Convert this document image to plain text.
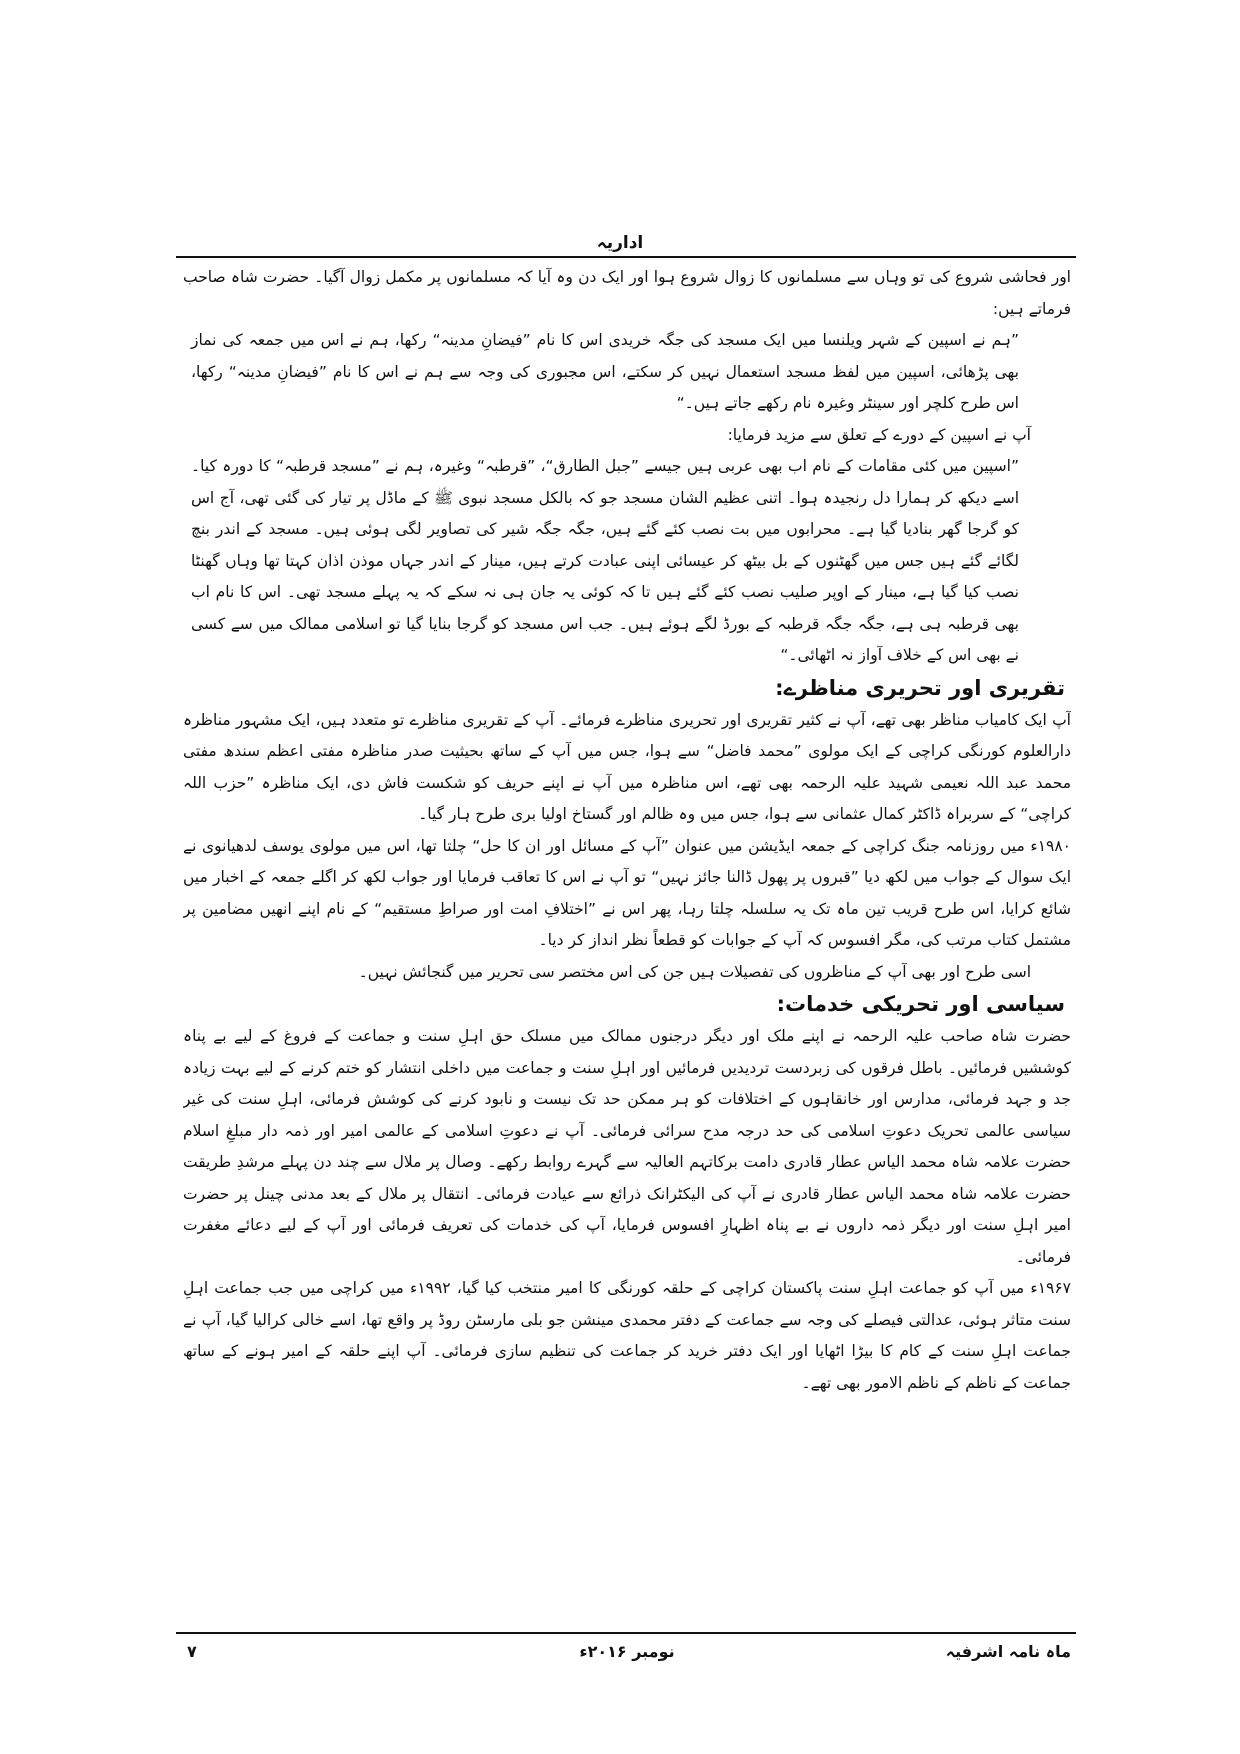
اداریہ

اور فحاشی شروع کی تو وہاں سے مسلمانوں کا زوال شروع ہوا اور ایک دن وہ آیا کہ مسلمانوں پر مکمل زوال آگیا۔ حضرت شاہ صاحب فرماتے ہیں:

”ہم نے اسپین کے شہر ویلنسا میں ایک مسجد کی جگہ خریدی اس کا نام ”فیضانِ مدینہ“ رکھا، ہم نے اس میں جمعہ کی نماز بھی پڑھائی، اسپین میں لفظ مسجد استعمال نہیں کر سکتے، اس مجبوری کی وجہ سے ہم نے اس کا نام ”فیضانِ مدینہ“ رکھا، اس طرح کلچر اور سینٹر وغیرہ نام رکھے جاتے ہیں۔“

آپ نے اسپین کے دورے کے تعلق سے مزید فرمایا:

”اسپین میں کئی مقامات کے نام اب بھی عربی ہیں جیسے ”جبل الطارق“، ”قرطبہ“ وغیرہ، ہم نے ”مسجد قرطبہ“ کا دورہ کیا۔ اسے دیکھ کر ہمارا دل رنجیدہ ہوا۔ اتنی عظیم الشان مسجد جو کہ بالکل مسجد نبوی ﷺ کے ماڈل پر تیار کی گئی تھی، آج اس کو گرجا گھر بنادیا گیا ہے۔ محرابوں میں بت نصب کئے گئے ہیں، جگہ جگہ شیر کی تصاویر لگی ہوئی ہیں۔ مسجد کے اندر بنچ لگائے گئے ہیں جس میں گھٹنوں کے بل بیٹھ کر عیسائی اپنی عبادت کرتے ہیں، مینار کے اندر جہاں موذن اذان کہتا تھا وہاں گھنٹا نصب کیا گیا ہے، مینار کے اوپر صلیب نصب کئے گئے ہیں تا کہ کوئی یہ جان ہی نہ سکے کہ یہ پہلے مسجد تھی۔ اس کا نام اب بھی قرطبہ ہی ہے، جگہ جگہ قرطبہ کے بورڈ لگے ہوئے ہیں۔ جب اس مسجد کو گرجا بنایا گیا تو اسلامی ممالک میں سے کسی نے بھی اس کے خلاف آواز نہ اٹھائی۔“

تقریری اور تحریری مناظرے:

آپ ایک کامیاب مناظر بھی تھے، آپ نے کثیر تقریری اور تحریری مناظرے فرمائے۔ آپ کے تقریری مناظرے تو متعدد ہیں، ایک مشہور مناظرہ دارالعلوم کورنگی کراچی کے ایک مولوی ”محمد فاضل“ سے ہوا، جس میں آپ کے ساتھ بحیثیت صدر مناظرہ مفتی اعظم سندھ مفتی محمد عبد اللہ نعیمی شہید علیہ الرحمہ بھی تھے، اس مناظرہ میں آپ نے اپنے حریف کو شکست فاش دی، ایک مناظرہ ”حزب اللہ کراچی“ کے سربراہ ڈاکٹر کمال عثمانی سے ہوا، جس میں وہ ظالم اور گستاخ اولیا بری طرح ہار گیا۔

۱۹۸۰ء میں روزنامہ جنگ کراچی کے جمعہ ایڈیشن میں عنوان ”آپ کے مسائل اور ان کا حل“ چلتا تھا، اس میں مولوی یوسف لدھیانوی نے ایک سوال کے جواب میں لکھ دیا ”قبروں پر پھول ڈالنا جائز نہیں“ تو آپ نے اس کا تعاقب فرمایا اور جواب لکھ کر اگلے جمعہ کے اخبار میں شائع کرایا، اس طرح قریب تین ماہ تک یہ سلسلہ چلتا رہا، پھر اس نے ”اختلافِ امت اور صراطِ مستقیم“ کے نام اپنے انھیں مضامین پر مشتمل کتاب مرتب کی، مگر افسوس کہ آپ کے جوابات کو قطعاً نظر انداز کر دیا۔

اسی طرح اور بھی آپ کے مناظروں کی تفصیلات ہیں جن کی اس مختصر سی تحریر میں گنجائش نہیں۔

سیاسی اور تحریکی خدمات:

حضرت شاہ صاحب علیہ الرحمہ نے اپنے ملک اور دیگر درجنوں ممالک میں مسلک حق اہلِ سنت و جماعت کے فروغ کے لیے بے پناہ کوششیں فرمائیں۔ باطل فرقوں کی زبردست تردیدیں فرمائیں اور اہلِ سنت و جماعت میں داخلی انتشار کو ختم کرنے کے لیے بہت زیادہ جد و جہد فرمائی، مدارس اور خانقاہوں کے اختلافات کو ہر ممکن حد تک نیست و نابود کرنے کی کوشش فرمائی، اہلِ سنت کی غیر سیاسی عالمی تحریک دعوتِ اسلامی کی حد درجہ مدح سرائی فرمائی۔ آپ نے دعوتِ اسلامی کے عالمی امیر اور ذمہ دار مبلغِ اسلام حضرت علامہ شاہ محمد الیاس عطار قادری دامت برکاتہم العالیہ سے گہرے روابط رکھے۔ وصال پر ملال سے چند دن پہلے مرشدِ طریقت حضرت علامہ شاہ محمد الیاس عطار قادری نے آپ کی الیکٹرانک ذرائع سے عیادت فرمائی۔ انتقال پر ملال کے بعد مدنی چینل پر حضرت امیر اہلِ سنت اور دیگر ذمہ داروں نے بے پناہ اظہارِ افسوس فرمایا، آپ کی خدمات کی تعریف فرمائی اور آپ کے لیے دعائے مغفرت فرمائی۔

۱۹۶۷ء میں آپ کو جماعت اہلِ سنت پاکستان کراچی کے حلقہ کورنگی کا امیر منتخب کیا گیا، ۱۹۹۲ء میں کراچی میں جب جماعت اہلِ سنت متاثر ہوئی، عدالتی فیصلے کی وجہ سے جماعت کے دفتر محمدی مینشن جو بلی مارسٹن روڈ پر واقع تھا، اسے خالی کرالیا گیا، آپ نے جماعت اہلِ سنت کے کام کا بیڑا اٹھایا اور ایک دفتر خرید کر جماعت کی تنظیم سازی فرمائی۔ آپ اپنے حلقہ کے امیر ہونے کے ساتھ جماعت کے ناظم کے ناظم الامور بھی تھے۔

ماہ نامہ اشرفیہ
نومبر ۲۰۱۶ء
۷
